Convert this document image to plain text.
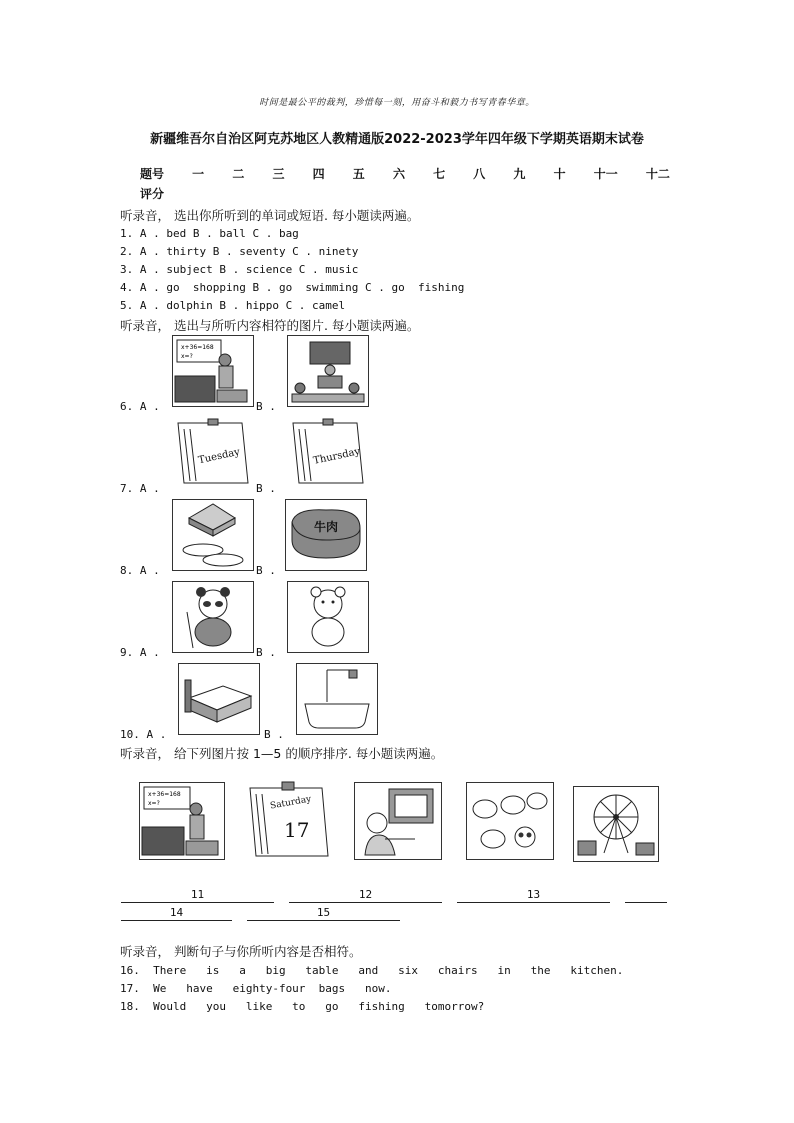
时间是最公平的裁判，珍惜每一刻，用奋斗和毅力书写青春华章。
新疆维吾尔自治区阿克苏地区人教精通版2022-2023学年四年级下学期英语期末试卷
题号 一 二 三 四 五 六 七 八 九 十 十一 十二
评分
听录音， 选出你所听到的单词或短语. 每小题读两遍。
1. A . bed B . ball C . bag
2. A . thirty B . seventy C . ninety
3. A . subject B . science C . music
4. A . go  shopping B . go  swimming C . go  fishing
5. A . dolphin B . hippo C . camel
听录音， 选出与所听内容相符的图片. 每小题读两遍。
6. A .
x+36=168
x=?
B .
7. A .
Tuesday
B .
Thursday
8. A .	B .
牛肉
9. A .	B .
10. A .	B .
听录音， 给下列图片按 1—5 的顺序排序. 每小题读两遍。
x+36=168
x=?	Saturday
17
11	12	13
14	15
听录音， 判断句子与你所听内容是否相符。
16.  There   is   a   big   table   and   six   chairs   in   the   kitchen.
17.  We   have   eighty-four  bags   now.
18.  Would   you   like   to   go   fishing   tomorrow?
